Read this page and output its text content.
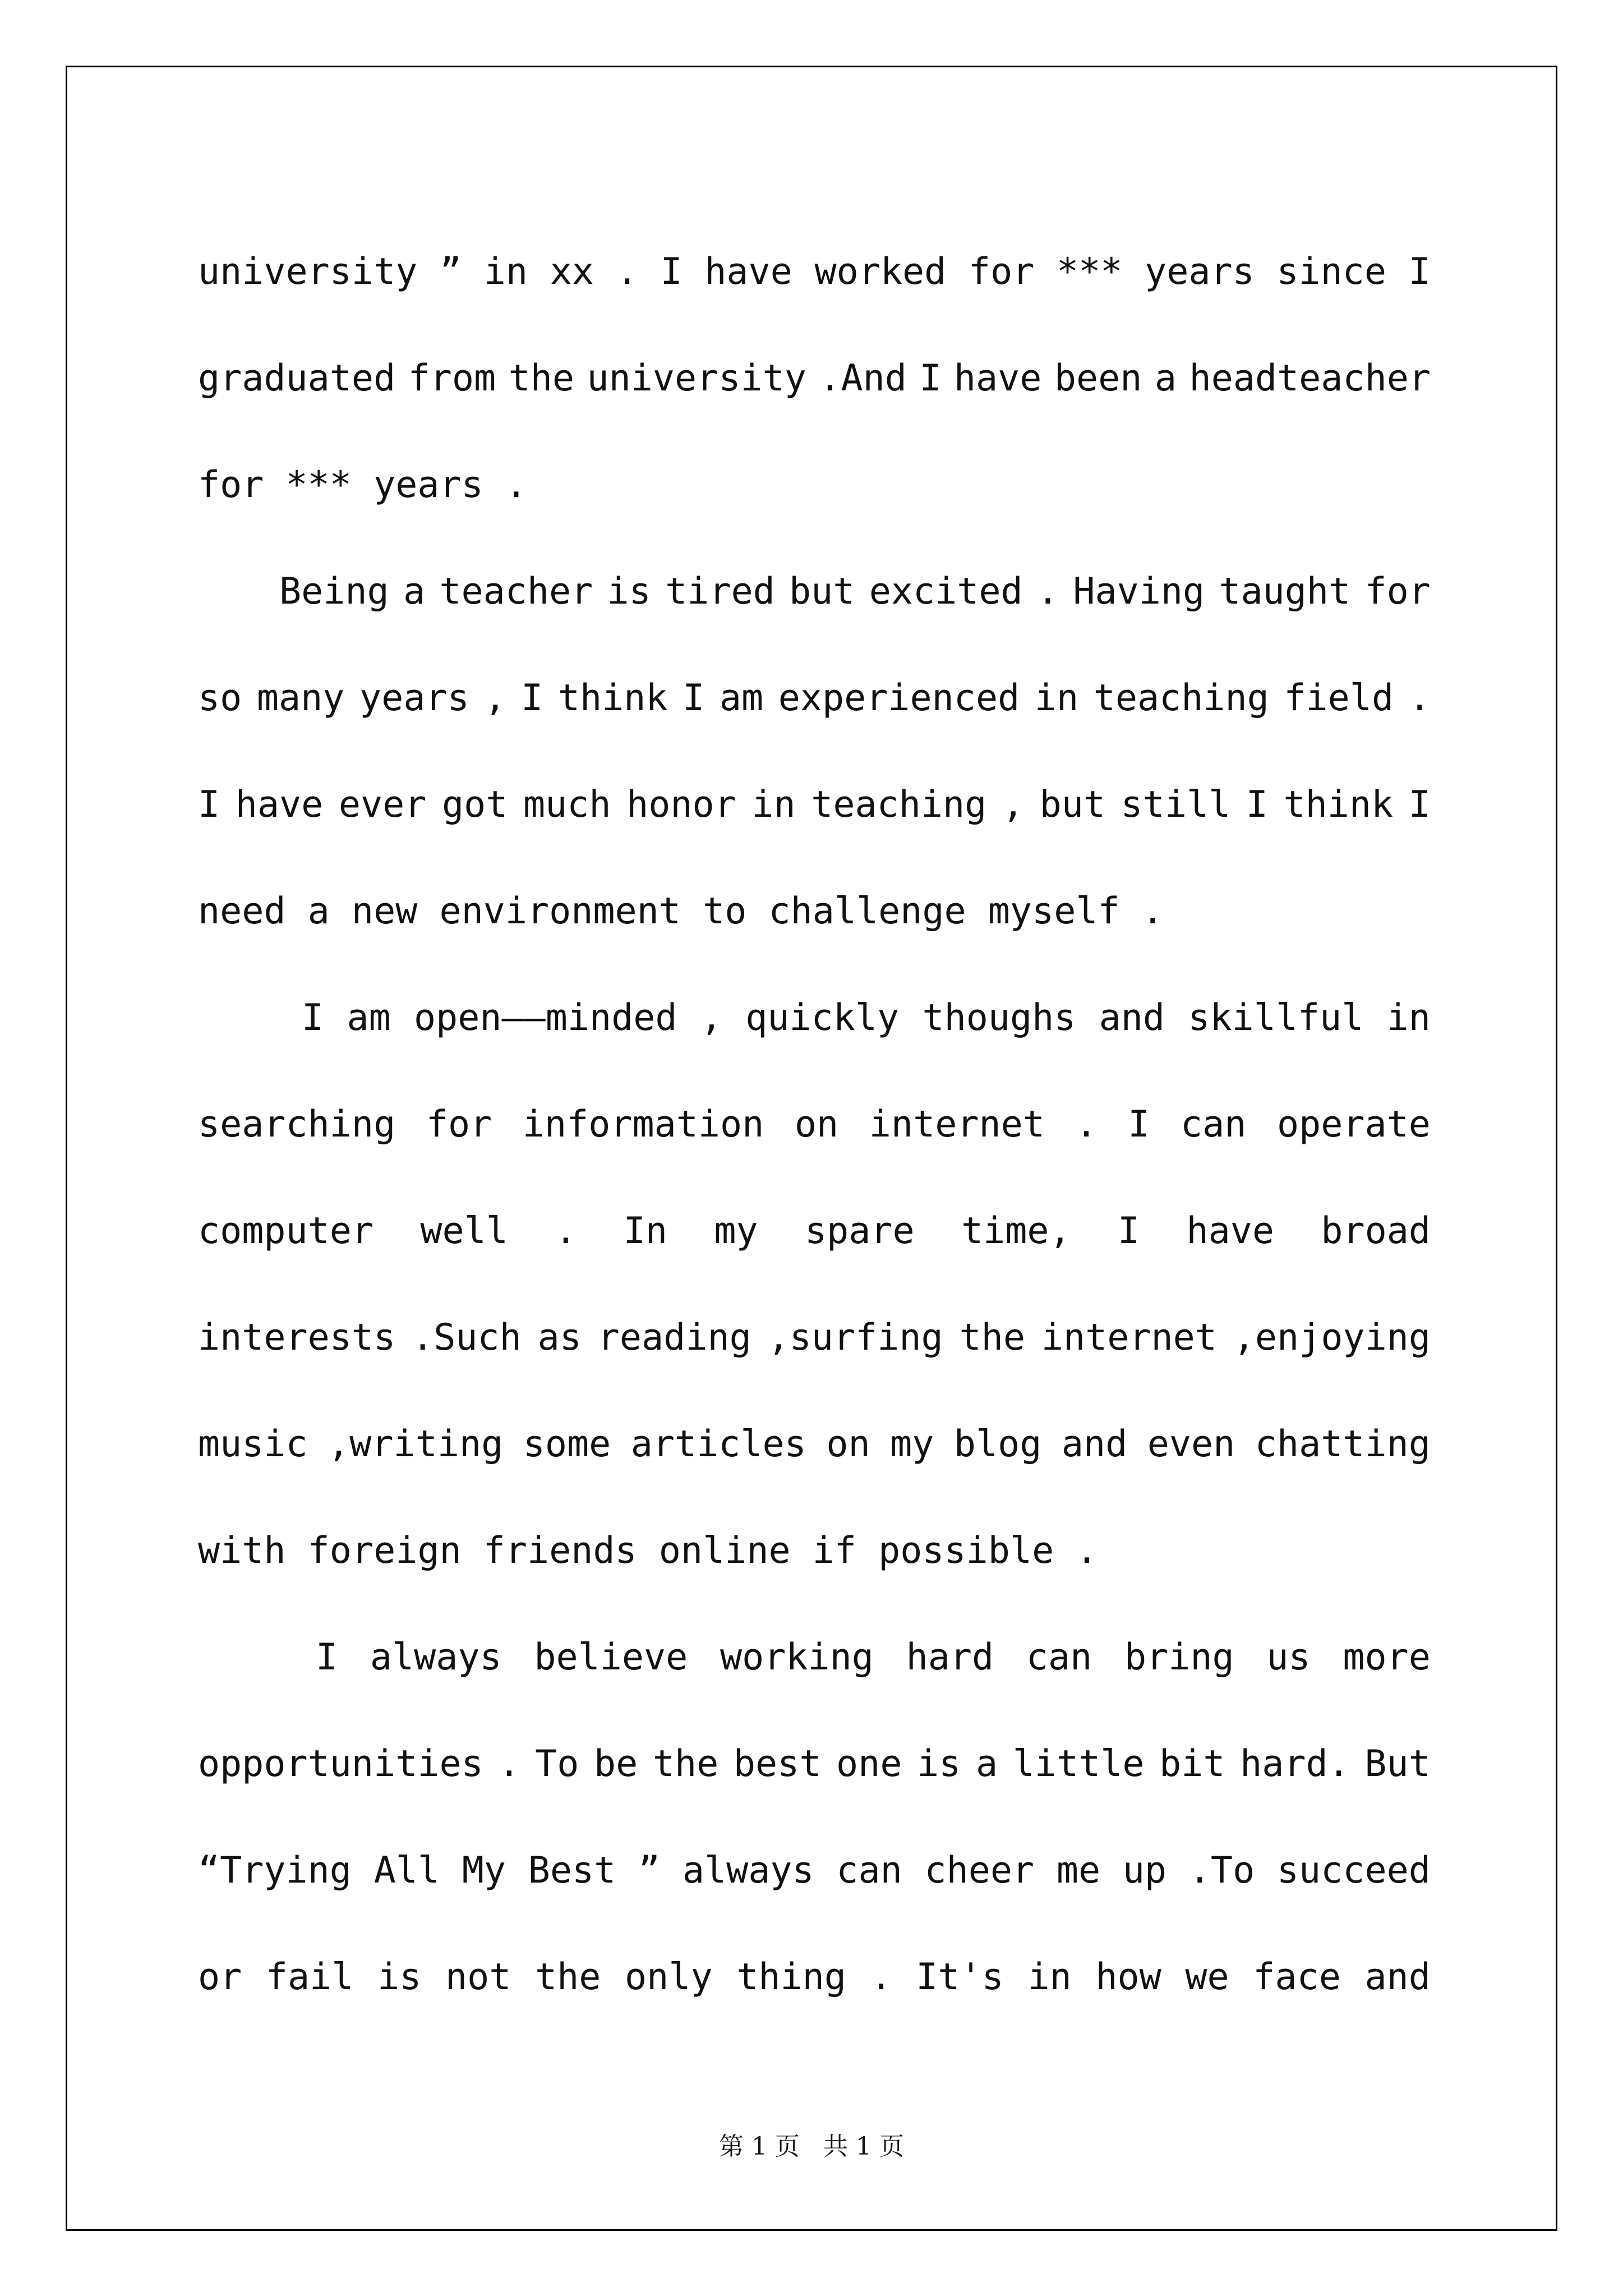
university ” in xx . I have worked for *** years since I
graduated from the university .And I have been a headteacher
for *** years .
Being a teacher is tired but excited . Having taught for
so many years , I think I am experienced in teaching field .
I have ever got much honor in teaching , but still I think I
need a new environment to challenge myself .
I am open——minded , quickly thoughs and skillful in
searching for information on internet . I can operate
computer well . In my spare time, I have broad
interests .Such as reading ,surfing the internet ,enjoying
music ,writing some articles on my blog and even chatting
with foreign friends online if possible .
I always believe working hard can bring us more
opportunities . To be the best one is a little bit hard. But
“Trying All My Best ” always can cheer me up .To succeed
or fail is not the only thing . It's in how we face and
第 1 页   共 1 页
